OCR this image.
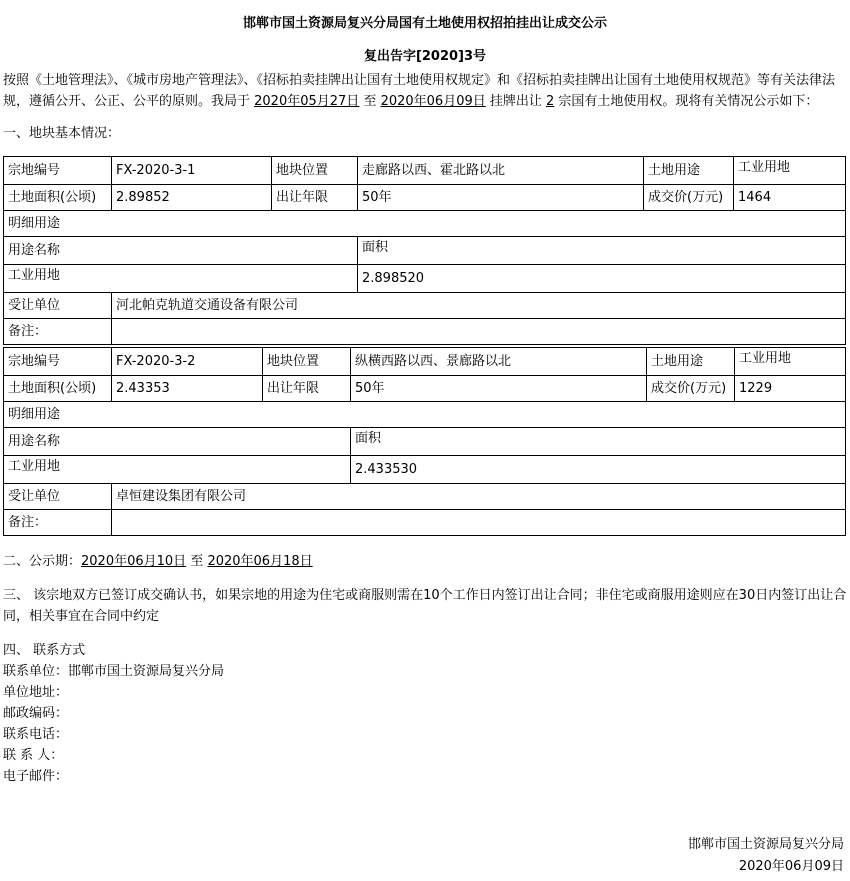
邯郸市国土资源局复兴分局国有土地使用权招拍挂出让成交公示
复出告字[2020]3号
按照《土地管理法》、《城市房地产管理法》、《招标拍卖挂牌出让国有土地使用权规定》和《招标拍卖挂牌出让国有土地使用权规范》等有关法律法规，遵循公开、公正、公平的原则。我局于 2020年05月27日 至 2020年06月09日 挂牌出让 2 宗国有土地使用权。现将有关情况公示如下：
一、地块基本情况：
宗地编号	FX-2020-3-1	地块位置	走廊路以西、霍北路以北	土地用途	工业用地
土地面积(公顷)	2.89852	出让年限	50年	成交价(万元)	1464
明细用途					
用途名称			面积		
工业用地			2.898520		
受让单位	河北帕克轨道交通设备有限公司				
备注：					
宗地编号	FX-2020-3-2	地块位置	纵横西路以西、景廊路以北	土地用途	工业用地
土地面积(公顷)	2.43353	出让年限	50年	成交价(万元)	1229
明细用途					
用途名称			面积		
工业用地			2.433530		
受让单位	卓恒建设集团有限公司				
备注：					
二、公示期：2020年06月10日 至 2020年06月18日
三、 该宗地双方已签订成交确认书，如果宗地的用途为住宅或商服则需在10个工作日内签订出让合同；非住宅或商服用途则应在30日内签订出让合同，相关事宜在合同中约定
四、 联系方式
联系单位：邯郸市国土资源局复兴分局
单位地址：
邮政编码：
联系电话：
联 系 人：
电子邮件：
邯郸市国土资源局复兴分局
2020年06月09日
